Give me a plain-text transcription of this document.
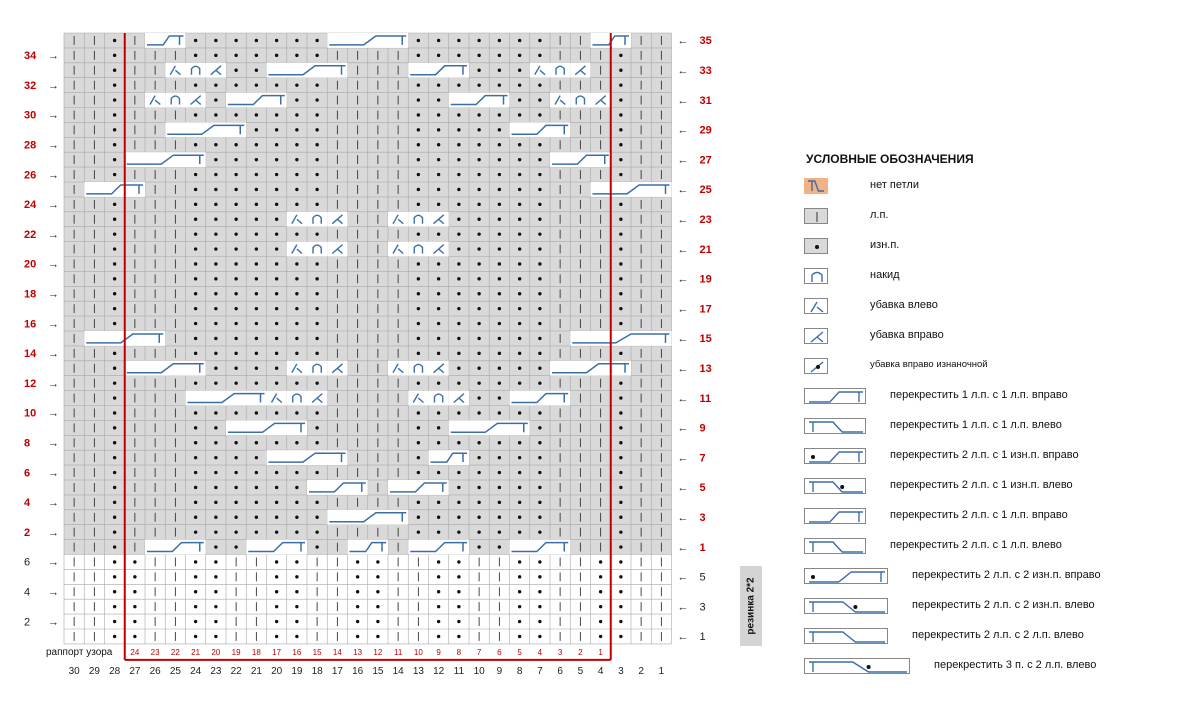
← 35
← 33
← 31
← 29
← 27
← 25
← 23
← 21
← 19
← 17
← 15
← 13
← 11
← 9
← 7
← 5
← 3
← 1
← 5
← 3
← 1
34 →
32 →
30 →
28 →
26 →
24 →
22 →
20 →
18 →
16 →
14 →
12 →
10 →
8 →
6 →
4 →
2 →
6 →
4 →
2 →
24 23 22 21 20 19 18 17 16 15 14 13 12 11 10 9 8 7 6 5 4 3 2 1
раппорт узора
30 29 28 27 26 25 24 23 22 21 20 19 18 17 16 15 14 13 12 11 10 9 8 7 6 5 4 3 2 1
резинка 2*2
УСЛОВНЫЕ ОБОЗНАЧЕНИЯ
нет петли
л.п.
изн.п.
накид
убавка влево
убавка вправо
убавка вправо изнаночной
перекрестить 1 л.п. с 1 л.п. вправо
перекрестить 1 л.п. с 1 л.п. влево
перекрестить 2 л.п. с 1 изн.п. вправо
перекрестить 2 л.п. с 1 изн.п. влево
перекрестить 2 л.п. с 1 л.п. вправо
перекрестить 2 л.п. с 1 л.п. влево
перекрестить 2 л.п. с 2 изн.п. вправо
перекрестить 2 л.п. с 2 изн.п. влево
перекрестить 2 л.п. с 2 л.п. влево
перекрестить 3 п. с 2 л.п. влево
